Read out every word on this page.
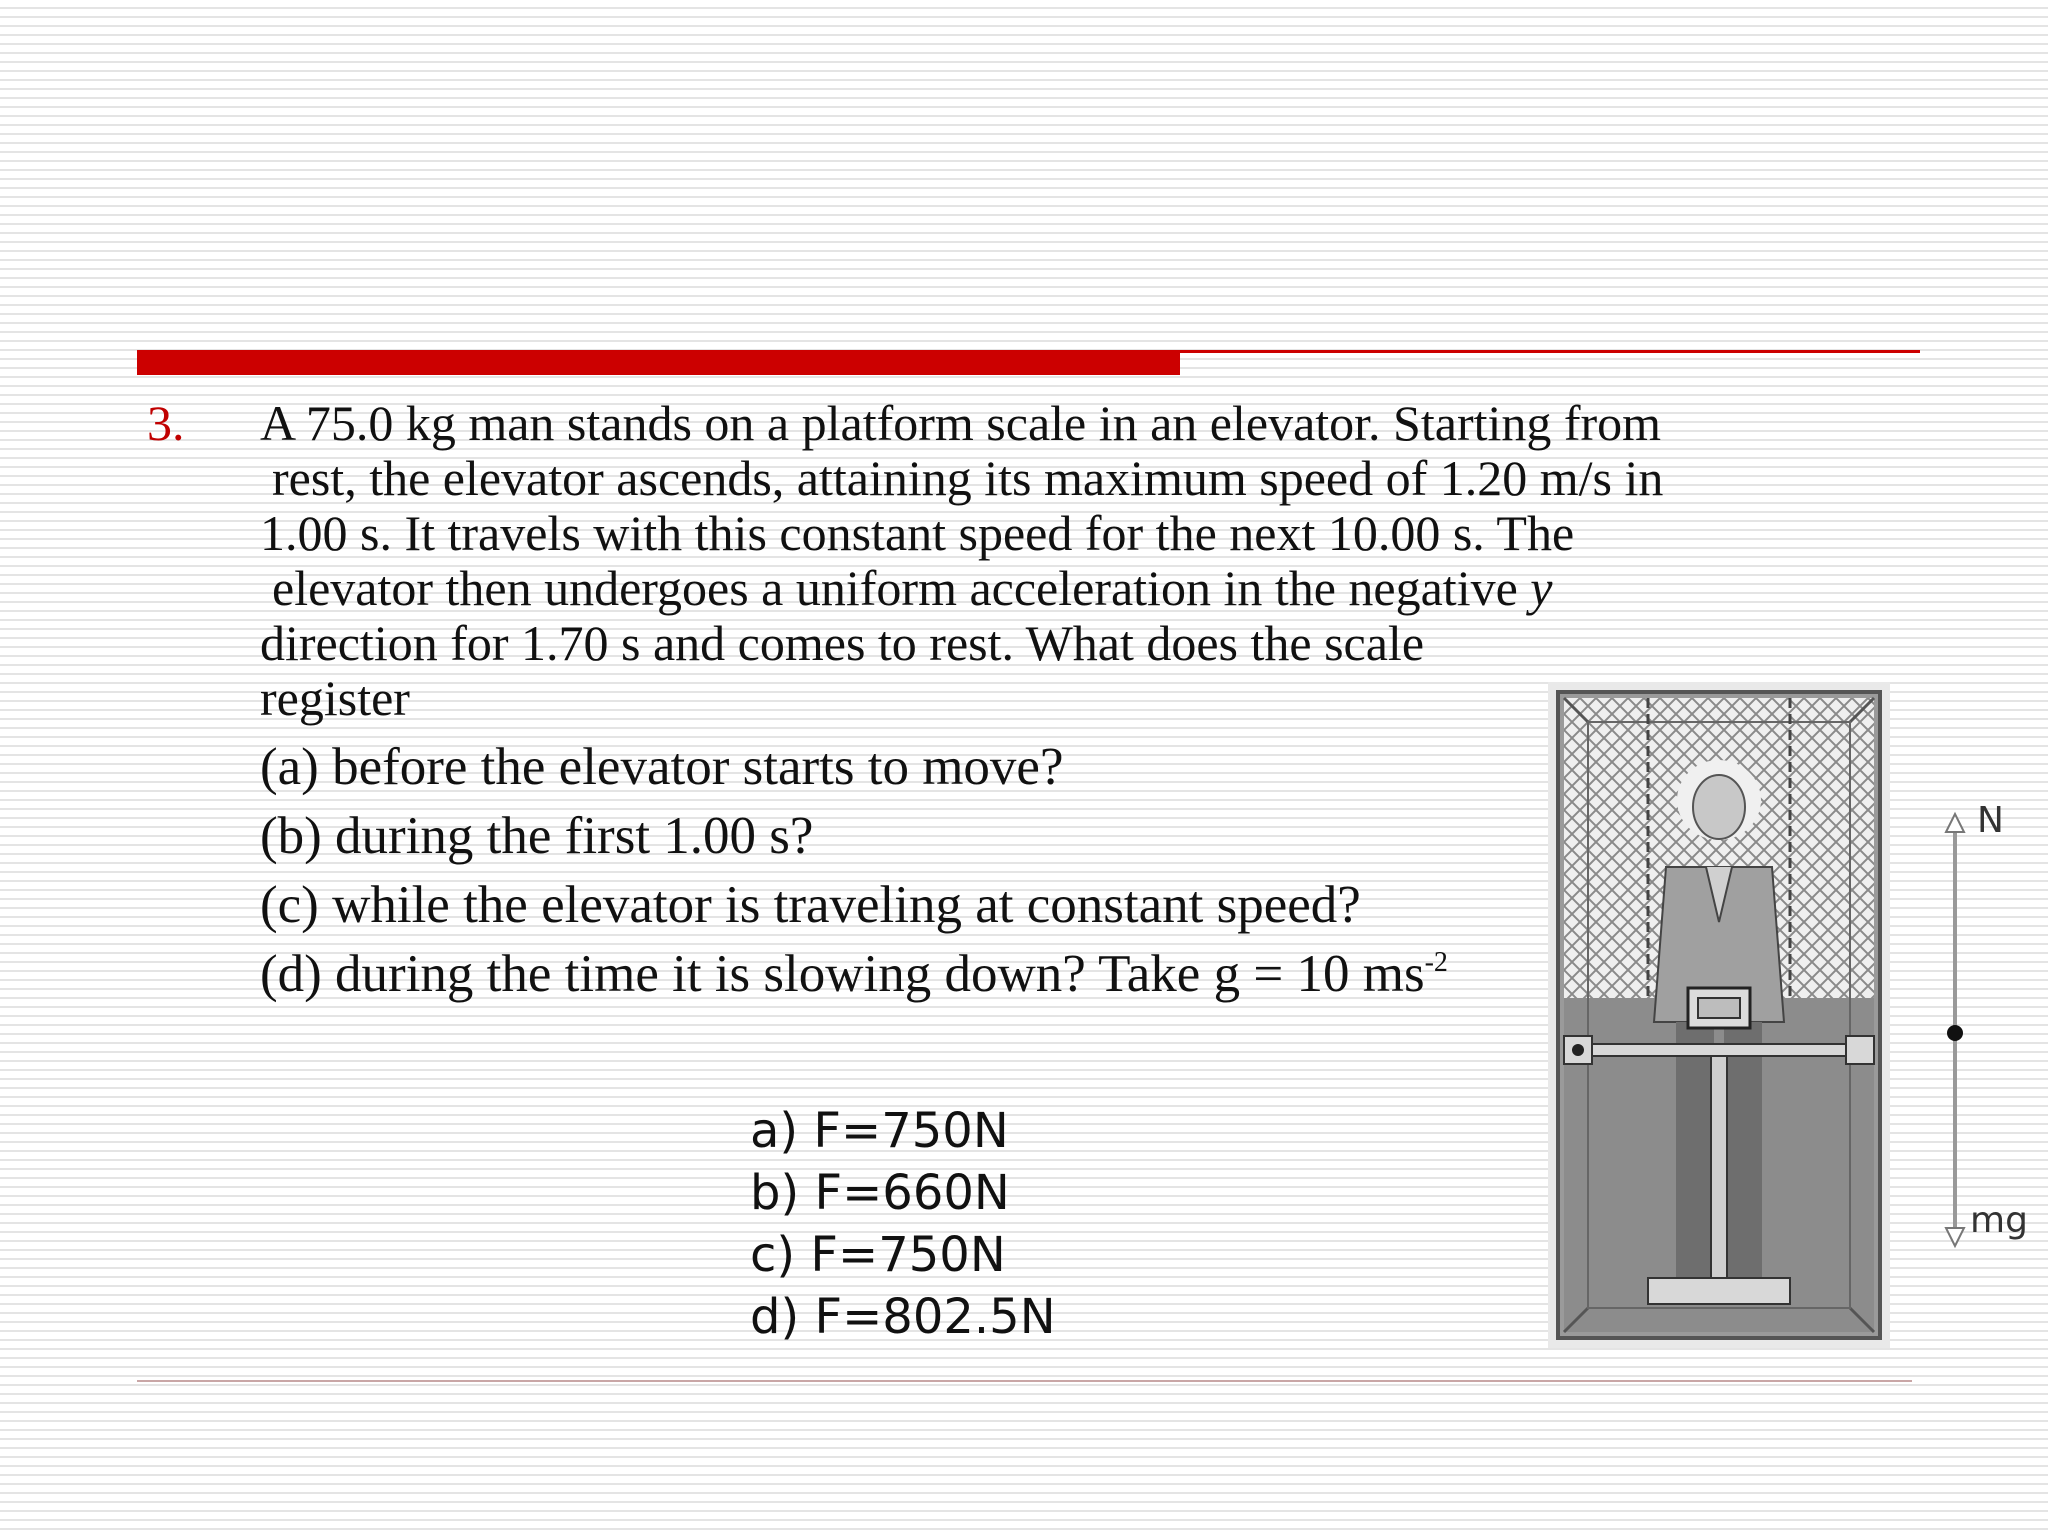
3. A 75.0 kg man stands on a platform scale in an elevator. Starting from
rest, the elevator ascends, attaining its maximum speed of 1.20 m/s in
1.00 s. It travels with this constant speed for the next 10.00 s. The
elevator then undergoes a uniform acceleration in the negative y
direction for 1.70 s and comes to rest. What does the scale
register
(a) before the elevator starts to move?
(b) during the first 1.00 s?
(c) while the elevator is traveling at constant speed?
(d) during the time it is slowing down? Take g = 10 $ms^{-2}$
a) F=750N
b) F=660N
c) F=750N
d) F=802.5N
N
mg
